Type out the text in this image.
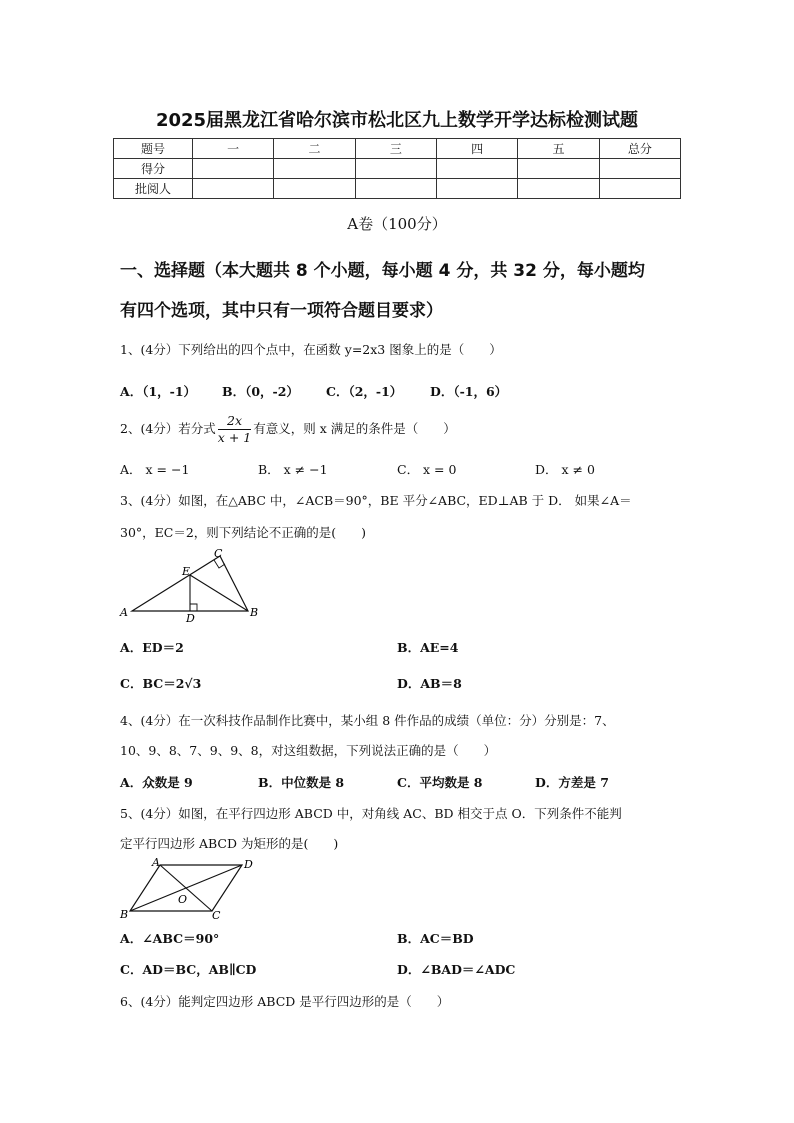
2025届黑龙江省哈尔滨市松北区九上数学开学达标检测试题
题号	一	二	三	四	五	总分
得分						
批阅人						
A卷（100分）
一、选择题（本大题共 8 个小题，每小题 4 分，共 32 分，每小题均
有四个选项，其中只有一项符合题目要求）
1、(4分）下列给出的四个点中，在函数 y=2x3 图象上的是（　　）
A．（1，-1） B．（0，-2） C．（2，-1） D．（-1，6）
2、(4分）若分式 $\frac{2x}{x + 1}$ 有意义，则 x 满足的条件是（　　）
A． x = −1	B． x ≠ −1	C． x = 0	D． x ≠ 0
3、(4分）如图，在△ABC 中，∠ACB＝90°，BE 平分∠ABC，ED⊥AB 于 D． 如果∠A＝
30°，EC＝2，则下列结论不正确的是(　　)
C
E
A	D	B
A．ED＝2	B．AE=4
C．BC＝2√3	D．AB＝8
4、(4分）在一次科技作品制作比赛中，某小组 8 件作品的成绩（单位：分）分别是：7、
10、9、8、7、9、9、8，对这组数据，下列说法正确的是（　　）
A．众数是 9	B．中位数是 8	C．平均数是 8	D．方差是 7
5、(4分）如图，在平行四边形 ABCD 中，对角线 AC、BD 相交于点 O．下列条件不能判
定平行四边形 ABCD 为矩形的是(　　)
A	D
O
B	C
A．∠ABC＝90°	B．AC＝BD
C．AD＝BC，AB∥CD	D．∠BAD＝∠ADC
6、(4分）能判定四边形 ABCD 是平行四边形的是（　　）
